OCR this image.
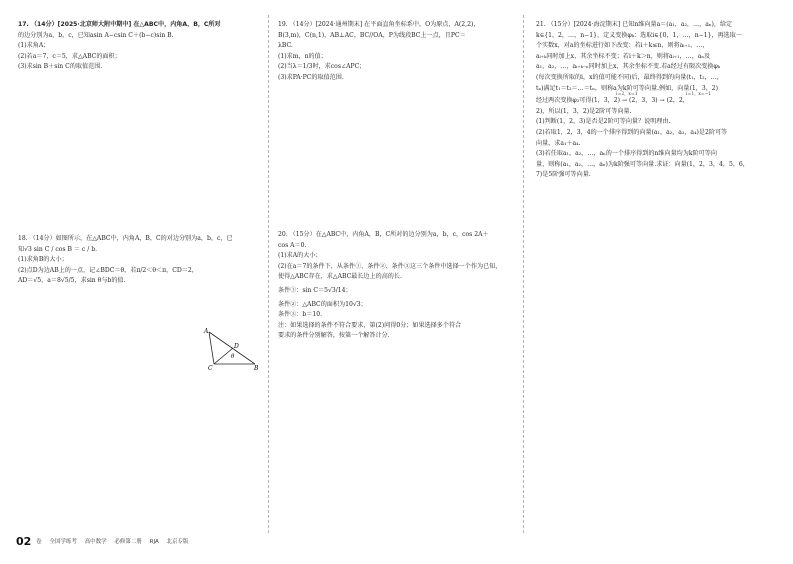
17. （14分）[2025·北京师大附中期中] 在△ABC中，内角A，B，C所对
的边分别为a，b，c，已知asin A−csin C＋(b−c)sin B.
(1)求角A；
(2)若a＝7，c＝5，求△ABC的面积；
(3)求sin B＋sin C的取值范围.
18. （14分）如图所示，在△ABC中，内角A，B，C的对边分别为a，b，c，已
知√3 sin C / cos B ＝ c / b.
(1)求角B的大小；
(2)点D为边AB上的一点，记∠BDC＝θ，若π/2＜θ＜π，CD＝2，
AD＝√5，a＝8√5/5，求sin θ与b的值.
A
D
θ
C	B
19. （14分）[2024·通州期末] 在平面直角坐标系中，O为原点，A(2,2)，
B(3,m)，C(n,1)，AB⊥AC，BC//OA，P为线段BC上一点，且PC＝
λBC.
(1)求m，n的值；
(2)当λ＝1/3时，求cos∠APC；
(3)求PA·PC的取值范围.
20. （15分）在△ABC中，内角A，B，C所对的边分别为a，b，c，cos 2A＋
cos A＝0.
(1)求A的大小；
(2)在a＝7的条件下，从条件①、条件②、条件③这三个条件中选择一个作为已知，
使得△ABC存在，求△ABC最长边上的高的长.
条件①：sin C＝5√3/14；
条件②：△ABC的面积为10√3；
条件③：b＝10.
注：如果选择的条件不符合要求，第(2)问得0分；如果选择多个符合
要求的条件分别解答，按第一个解答计分.
21. （15分）[2024·海淀期末] 已知n维向量a＝(a₁，a₂，…，aₙ)，给定
k∈{1，2，…，n−1}，定义变换φₖ：选取i∈{0，1，…，n−1}，再选取一
个实数x，对a的坐标进行如下改变：若i＋k≤n，则将aᵢ₊₁，…，
aᵢ₊ₖ同时加上x，其余坐标不变；若i＋k＞n，则将aᵢ₊₁，…，aₙ及
a₁，a₂，…，aᵢ₊ₖ₋ₙ同时加上x，其余坐标不变.若a经过有限次变换φₖ
(每次变换所取的i，x的值可能不同)后，最终得到的向量(t₁，t₂，…，
tₙ)满足t₁＝t₂＝…＝tₙ，则称a为k阶可等向量.例如，向量(1，3，2)
经过两次变换φ₂可得(1，3，2) → (2，3，3) → (2，2，
2)，所以(1，3，2)是2阶可等向量.
(1)判断(1，2，3)是否是2阶可等向量？说明理由.
(2)若取1，2，3，4的一个排序得到的向量(a₁，a₂，a₃，a₄)是2阶可等
向量，求a₁＋a₄.
(3)若任取a₁，a₂，…，aₙ的一个排序得到的n维向量均为k阶可等向
量，则称(a₁，a₂，…，aₙ)为k阶强可等向量.求证：向量(1，2，3，4，5，6，
7)是5阶强可等向量.
i＝2，x＝1	i＝1，x＝−1
02 卷 全国学练考 高中数学 必修第二册 RJA 北京专版
